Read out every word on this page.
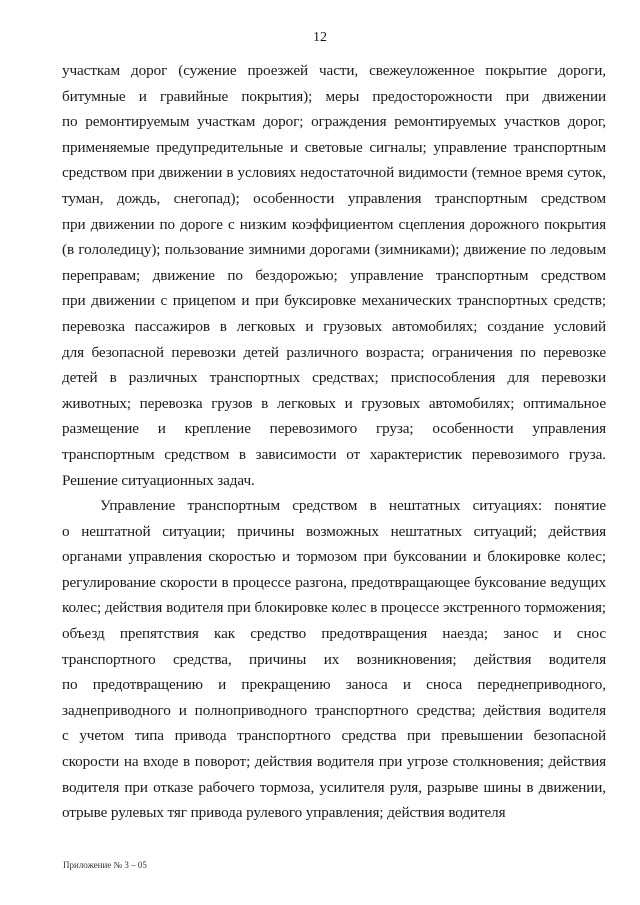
12

участкам дорог (сужение проезжей части, свежеуложенное покрытие дороги,
битумные и гравийные покрытия); меры предосторожности при движении
по ремонтируемым участкам дорог; ограждения ремонтируемых участков дорог,
применяемые предупредительные и световые сигналы; управление транспортным
средством при движении в условиях недостаточной видимости (темное время суток,
туман, дождь, снегопад); особенности управления транспортным средством
при движении по дороге с низким коэффициентом сцепления дорожного покрытия
(в гололедицу); пользование зимними дорогами (зимниками); движение по ледовым
переправам; движение по бездорожью; управление транспортным средством
при движении с прицепом и при буксировке механических транспортных средств;
перевозка пассажиров в легковых и грузовых автомобилях; создание условий
для безопасной перевозки детей различного возраста; ограничения по перевозке
детей в различных транспортных средствах; приспособления для перевозки
животных; перевозка грузов в легковых и грузовых автомобилях; оптимальное
размещение и крепление перевозимого груза; особенности управления
транспортным средством в зависимости от характеристик перевозимого груза.
Решение ситуационных задач.
Управление транспортным средством в нештатных ситуациях: понятие
о нештатной ситуации; причины возможных нештатных ситуаций; действия
органами управления скоростью и тормозом при буксовании и блокировке колес;
регулирование скорости в процессе разгона, предотвращающее буксование ведущих
колес; действия водителя при блокировке колес в процессе экстренного торможения;
объезд препятствия как средство предотвращения наезда; занос и снос
транспортного средства, причины их возникновения; действия водителя
по предотвращению и прекращению заноса и сноса переднеприводного,
заднеприводного и полноприводного транспортного средства; действия водителя
с учетом типа привода транспортного средства при превышении безопасной
скорости на входе в поворот; действия водителя при угрозе столкновения; действия
водителя при отказе рабочего тормоза, усилителя руля, разрыве шины в движении,
отрыве рулевых тяг привода рулевого управления; действия водителя

Приложение № 3 – 05
